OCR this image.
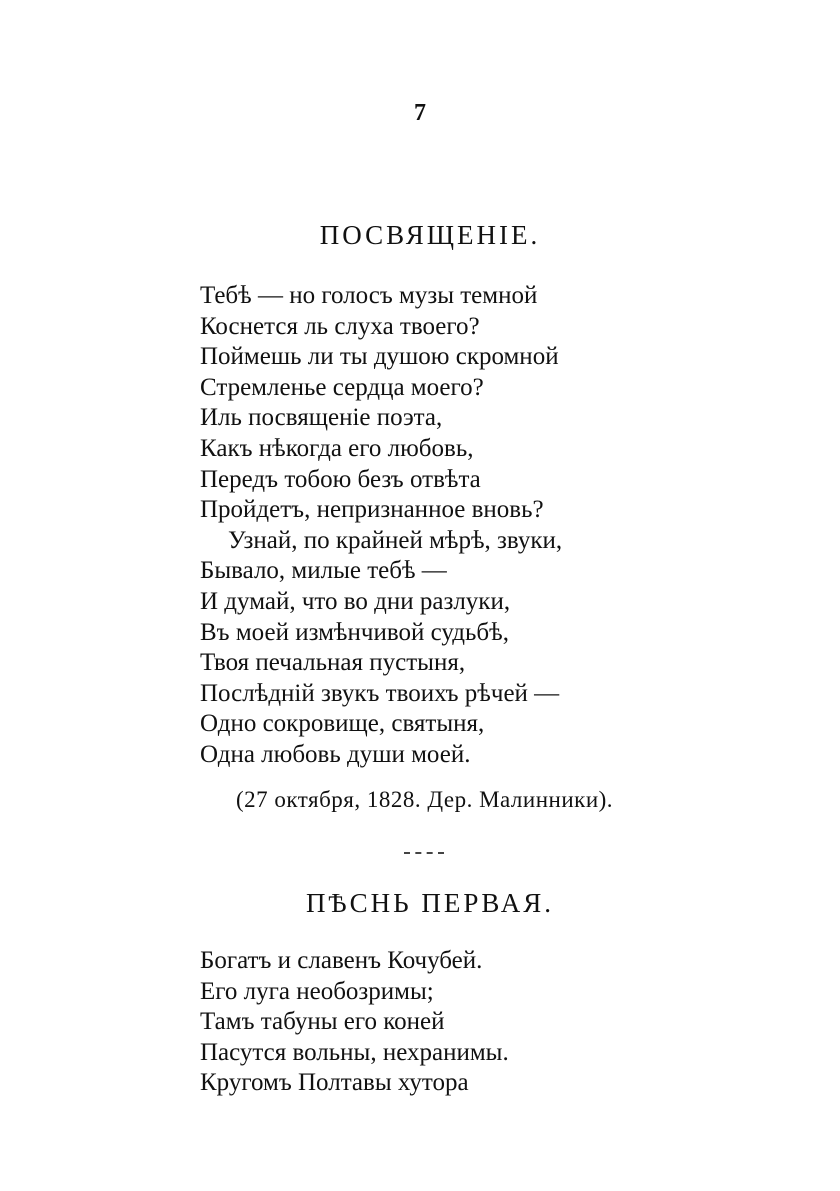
7
ПОСВЯЩЕНIЕ.
Тебѣ — но голосъ музы темной
Коснется ль слуха твоего?
Поймешь ли ты душою скромной
Стремленье сердца моего?
Иль посвященiе поэта,
Какъ нѣкогда его любовь,
Передъ тобою безъ отвѣта
Пройдетъ, непризнанное вновь?
Узнай, по крайней мѣрѣ, звуки,
Бывало, милые тебѣ —
И думай, что во дни разлуки,
Въ моей измѣнчивой судьбѣ,
Твоя печальная пустыня,
Послѣднiй звукъ твоихъ рѣчей —
Одно сокровище, святыня,
Одна любовь души моей.
(27 октября, 1828. Дер. Малинники).
ПѢСНЬ ПЕРВАЯ.
Богатъ и славенъ Кочубей.
Его луга необозримы;
Тамъ табуны его коней
Пасутся вольны, нехранимы.
Кругомъ Полтавы хутора
